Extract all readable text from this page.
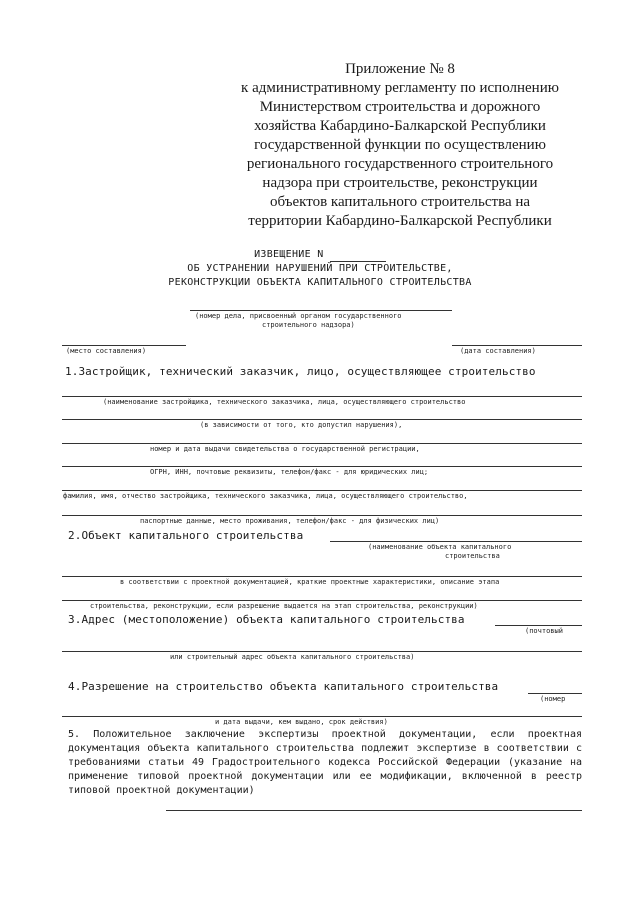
Приложение № 8
к административному регламенту по исполнению
Министерством строительства и дорожного
хозяйства Кабардино-Балкарской Республики
государственной функции по осуществлению
регионального государственного строительного
надзора при строительстве, реконструкции
объектов капитального строительства на
территории Кабардино-Балкарской Республики
ИЗВЕЩЕНИЕ N
ОБ УСТРАНЕНИИ НАРУШЕНИЙ ПРИ СТРОИТЕЛЬСТВЕ,
РЕКОНСТРУКЦИИ ОБЪЕКТА КАПИТАЛЬНОГО СТРОИТЕЛЬСТВА
(номер дела, присвоенный органом государственного
строительного надзора)
(место составления)	(дата составления)
1.Застройщик, технический заказчик, лицо, осуществляющее строительство
(наименование застройщика, технического заказчика, лица, осуществляющего строительство
(в зависимости от того, кто допустил нарушения),
номер и дата выдачи свидетельства о государственной регистрации,
ОГРН, ИНН, почтовые реквизиты, телефон/факс - для юридических лиц;
фамилия, имя, отчество застройщика, технического заказчика, лица, осуществляющего строительство,
паспортные данные, место проживания, телефон/факс - для физических лиц)
2.Объект капитального строительства
(наименование объекта капитального
строительства
в соответствии с проектной документацией, краткие проектные характеристики, описание этапа
строительства, реконструкции, если разрешение выдается на этап строительства, реконструкции)
3.Адрес (местоположение) объекта капитального строительства
(почтовый
или строительный адрес объекта капитального строительства)
4.Разрешение на строительство объекта капитального строительства
(номер
и дата выдачи, кем выдано, срок действия)
5. Положительное заключение экспертизы проектной документации, если проектная документация объекта капитального строительства подлежит экспертизе в соответствии с требованиями статьи 49 Градостроительного кодекса Российской Федерации (указание на применение типовой проектной документации или ее модификации, включенной в реестр типовой проектной документации)
